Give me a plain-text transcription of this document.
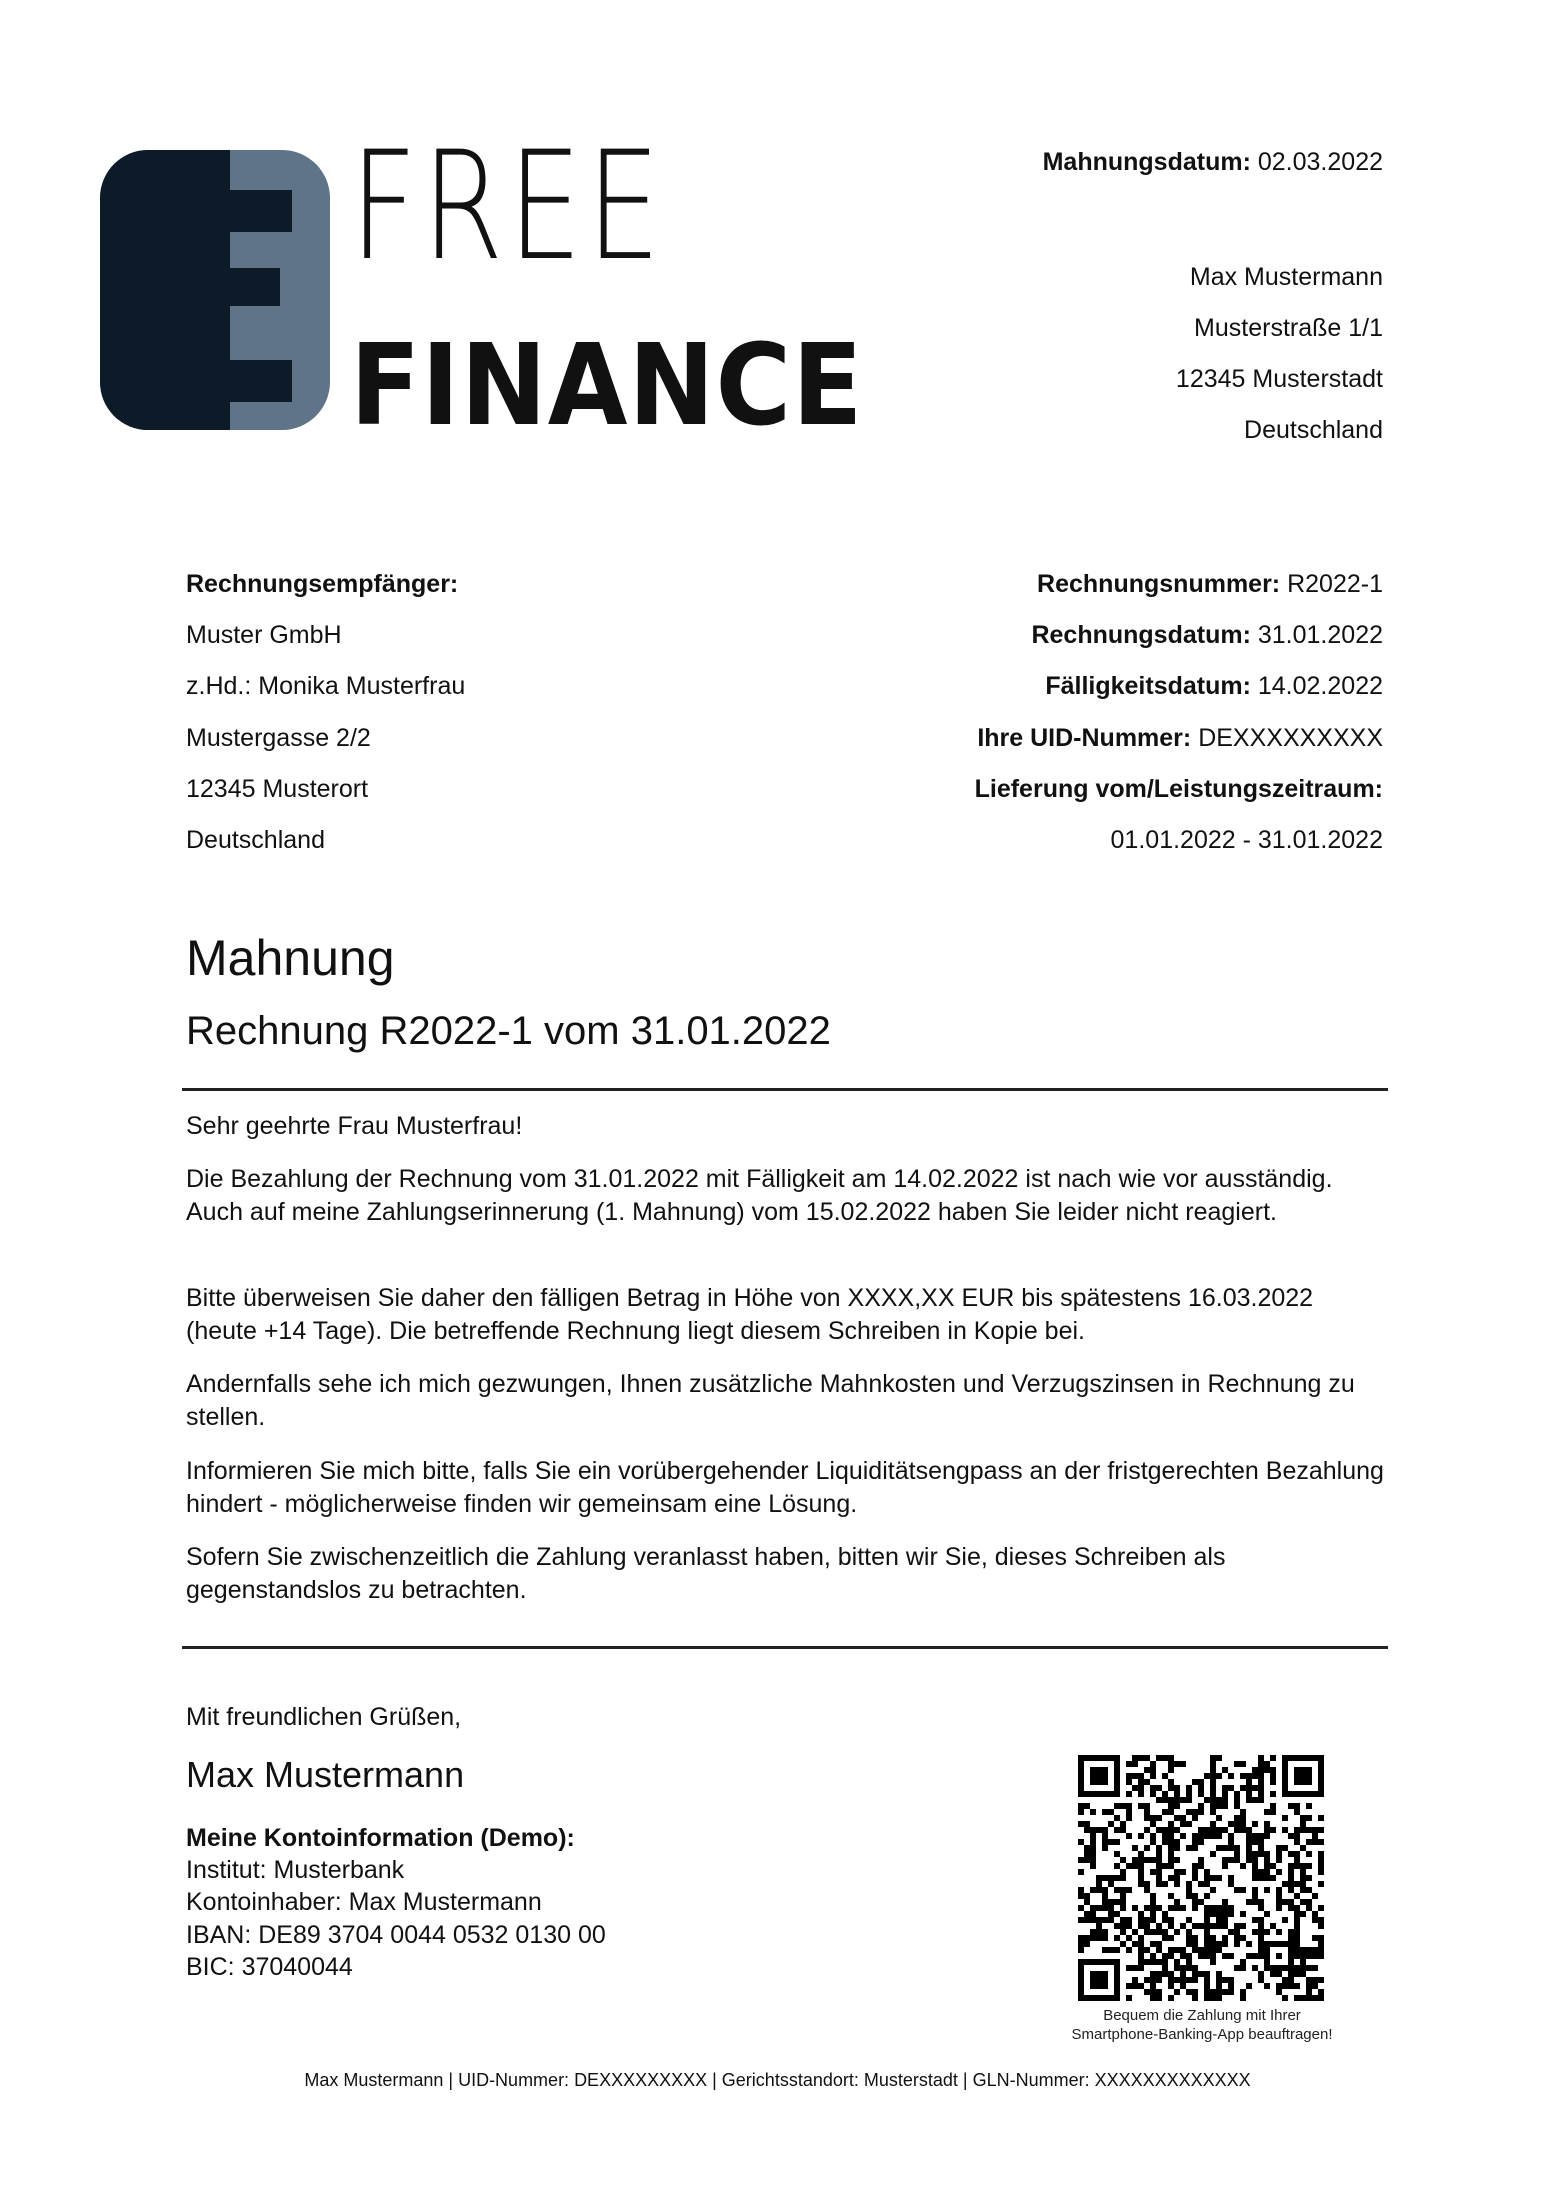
FREE
FINANCE
Mahnungsdatum: 02.03.2022
Max Mustermann
Musterstraße 1/1
12345 Musterstadt
Deutschland
Rechnungsempfänger:
Muster GmbH
z.Hd.: Monika Musterfrau
Mustergasse 2/2
12345 Musterort
Deutschland
Rechnungsnummer: R2022-1
Rechnungsdatum: 31.01.2022
Fälligkeitsdatum: 14.02.2022
Ihre UID-Nummer: DEXXXXXXXXX
Lieferung vom/Leistungszeitraum:
01.01.2022 - 31.01.2022
Mahnung
Rechnung R2022-1 vom 31.01.2022

Sehr geehrte Frau Musterfrau!

Die Bezahlung der Rechnung vom 31.01.2022 mit Fälligkeit am 14.02.2022 ist nach wie vor ausständig. Auch auf meine Zahlungserinnerung (1. Mahnung) vom 15.02.2022 haben Sie leider nicht reagiert.

Bitte überweisen Sie daher den fälligen Betrag in Höhe von XXXX,XX EUR bis spätestens 16.03.2022 (heute +14 Tage). Die betreffende Rechnung liegt diesem Schreiben in Kopie bei.

Andernfalls sehe ich mich gezwungen, Ihnen zusätzliche Mahnkosten und Verzugszinsen in Rechnung zu stellen.

Informieren Sie mich bitte, falls Sie ein vorübergehender Liquiditätsengpass an der fristgerechten Bezahlung hindert - möglicherweise finden wir gemeinsam eine Lösung.

Sofern Sie zwischenzeitlich die Zahlung veranlasst haben, bitten wir Sie, dieses Schreiben als gegenstandslos zu betrachten.

Mit freundlichen Grüßen,
Max Mustermann
Meine Kontoinformation (Demo):
Institut: Musterbank
Kontoinhaber: Max Mustermann
IBAN: DE89 3704 0044 0532 0130 00
BIC: 37040044
Bequem die Zahlung mit Ihrer
Smartphone-Banking-App beauftragen!
Max Mustermann | UID-Nummer: DEXXXXXXXXX | Gerichtsstandort: Musterstadt | GLN-Nummer: XXXXXXXXXXXXX
